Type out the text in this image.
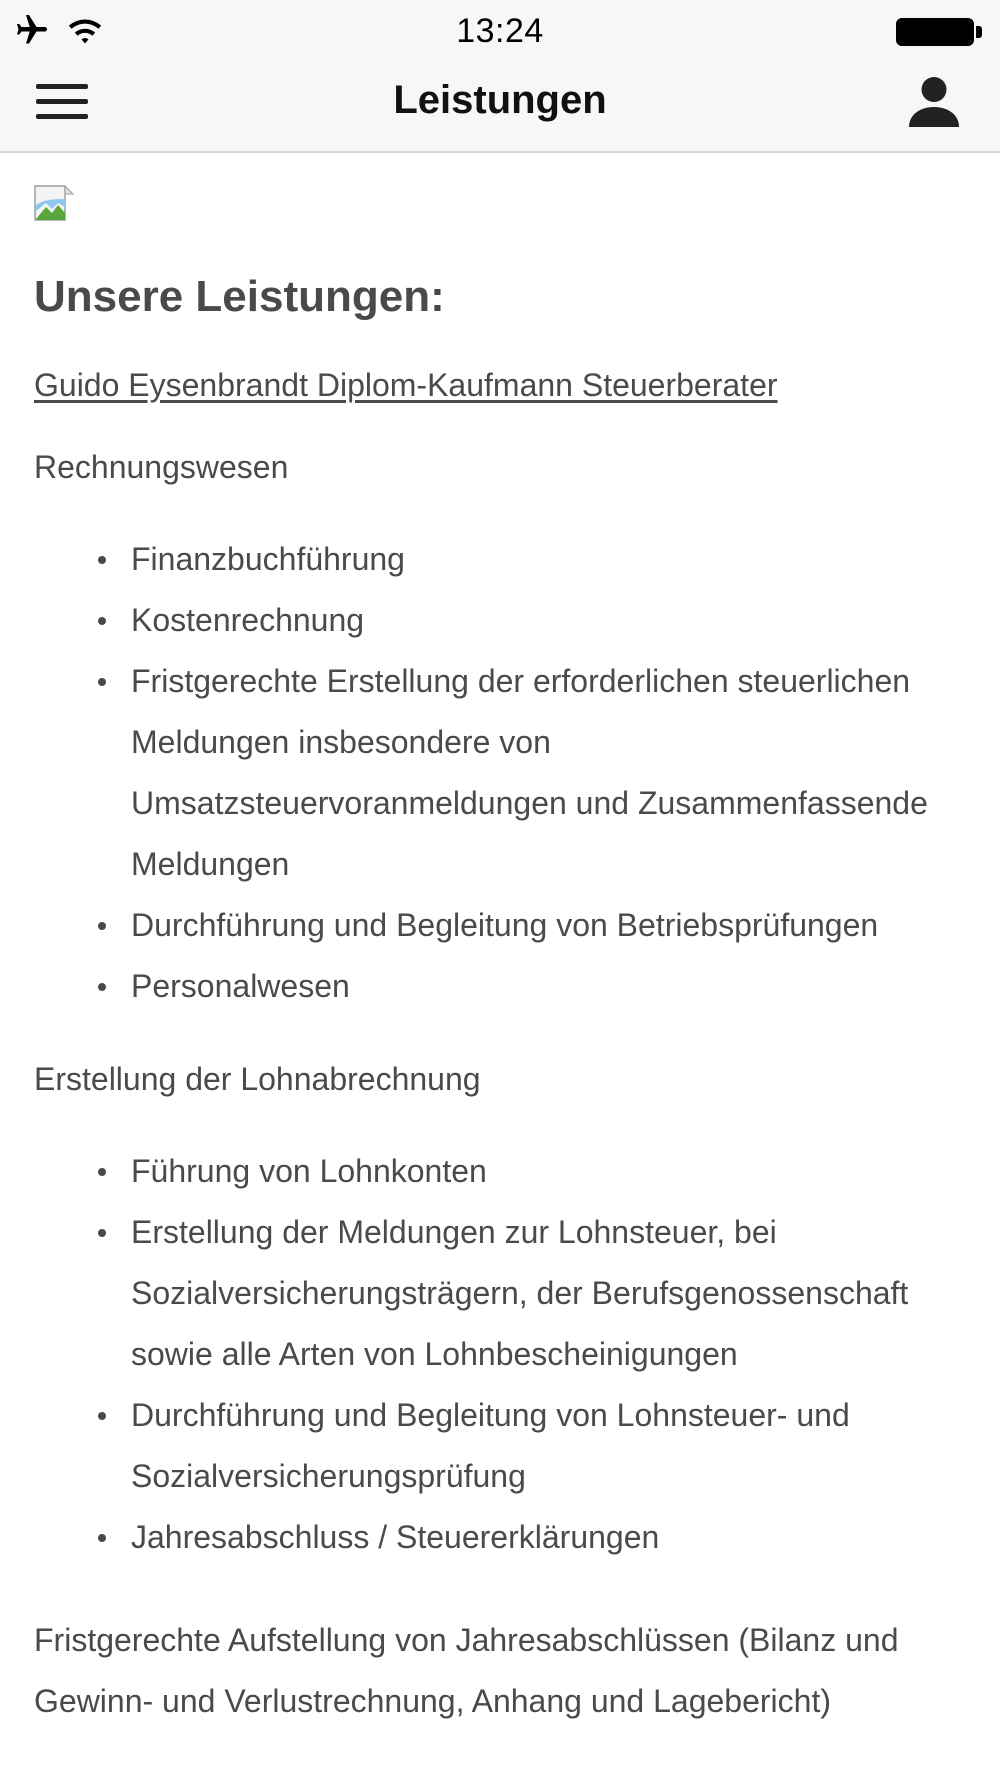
13:24
Leistungen
Unsere Leistungen:
Guido Eysenbrandt Diplom-Kaufmann Steuerberater

Rechnungswesen

Finanzbuchführung
Kostenrechnung
Fristgerechte Erstellung der erforderlichen steuerlichen Meldungen insbesondere von Umsatzsteuervoranmeldungen und Zusammenfassende Meldungen
Durchführung und Begleitung von Betriebsprüfungen
Personalwesen

Erstellung der Lohnabrechnung

Führung von Lohnkonten
Erstellung der Meldungen zur Lohnsteuer, bei Sozialversicherungsträgern, der Berufsgenossenschaft sowie alle Arten von Lohnbescheinigungen
Durchführung und Begleitung von Lohnsteuer- und Sozialversicherungsprüfung
Jahresabschluss / Steuererklärungen

Fristgerechte Aufstellung von Jahresabschlüssen (Bilanz und Gewinn- und Verlustrechnung, Anhang und Lagebericht)
